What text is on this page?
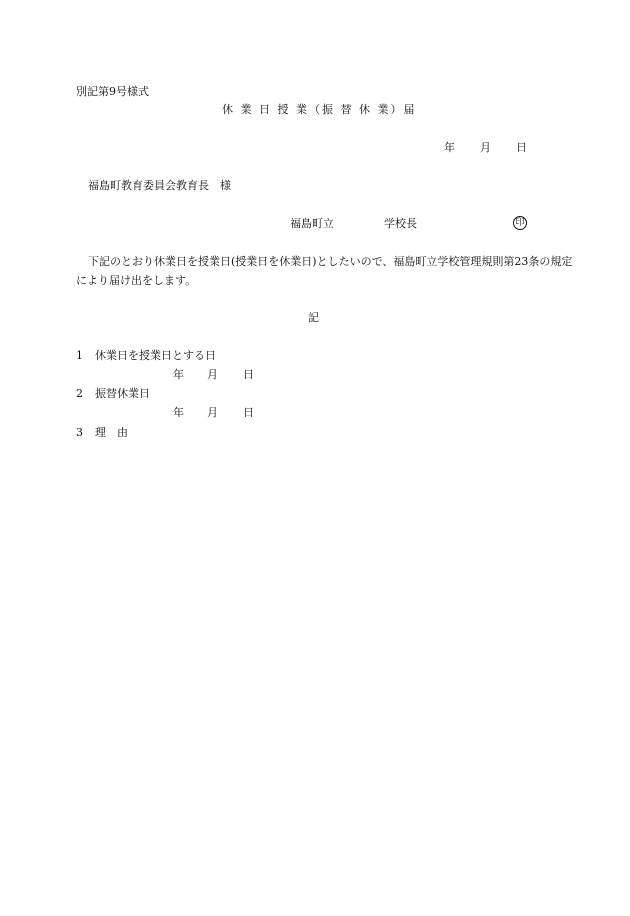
別記第9号様式
休 業 日 授 業（振 替 休 業）届
年 月 日
福島町教育委員会教育長　様
福島町立	学校長	印
下記のとおり休業日を授業日(授業日を休業日)としたいので、福島町立学校管理規則第23条の規定により届け出をします。
記
1 休業日を授業日とする日
年 月 日
2 振替休業日
年 月 日
3 理　由
